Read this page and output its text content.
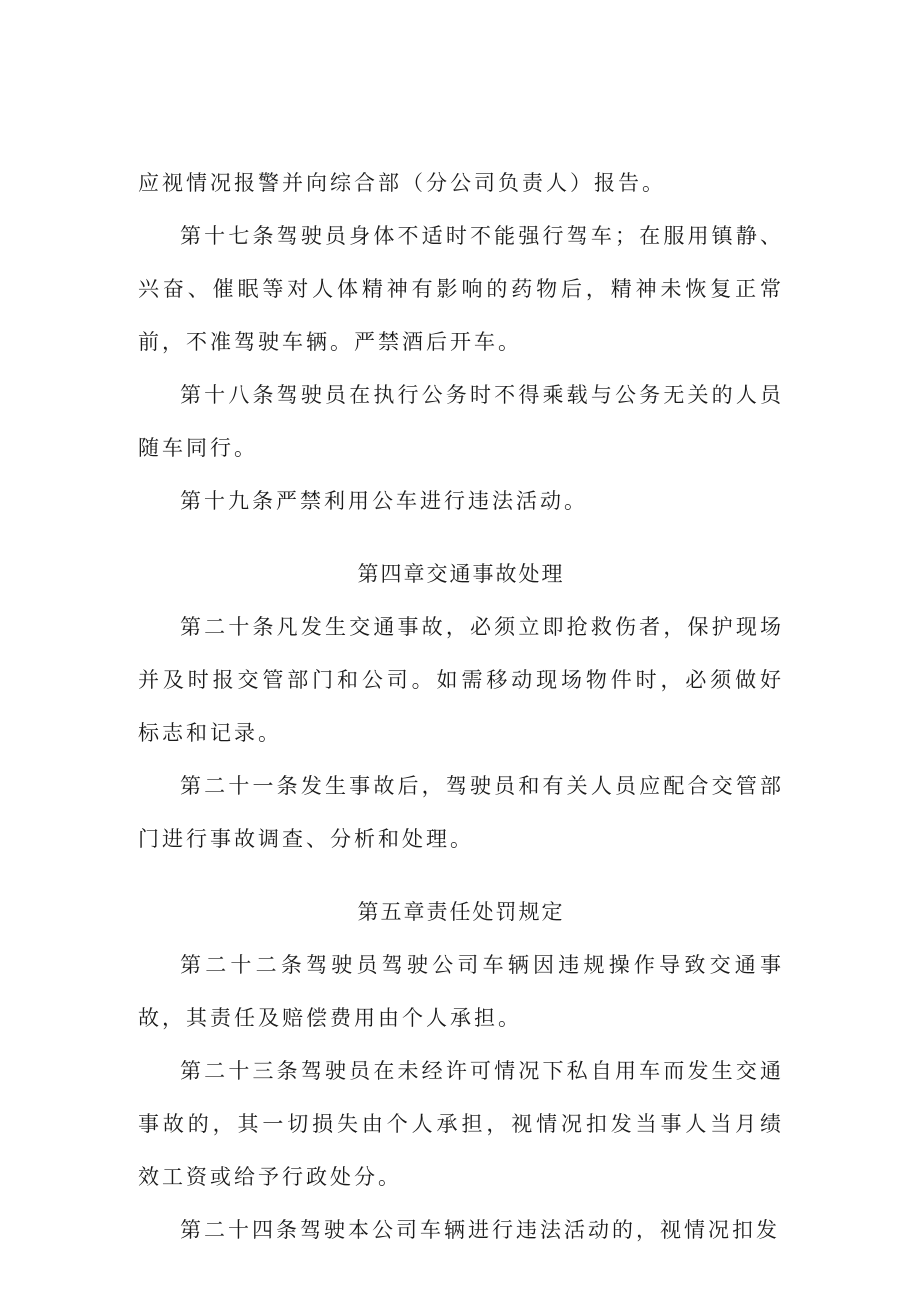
应视情况报警并向综合部（分公司负责人）报告。

第十七条驾驶员身体不适时不能强行驾车；在服用镇静、兴奋、催眠等对人体精神有影响的药物后，精神未恢复正常前，不准驾驶车辆。严禁酒后开车。

第十八条驾驶员在执行公务时不得乘载与公务无关的人员随车同行。

第十九条严禁利用公车进行违法活动。

第四章交通事故处理

第二十条凡发生交通事故，必须立即抢救伤者，保护现场并及时报交管部门和公司。如需移动现场物件时，必须做好标志和记录。

第二十一条发生事故后，驾驶员和有关人员应配合交管部门进行事故调查、分析和处理。

第五章责任处罚规定

第二十二条驾驶员驾驶公司车辆因违规操作导致交通事故，其责任及赔偿费用由个人承担。

第二十三条驾驶员在未经许可情况下私自用车而发生交通事故的，其一切损失由个人承担，视情况扣发当事人当月绩效工资或给予行政处分。

第二十四条驾驶本公司车辆进行违法活动的，视情况扣发
